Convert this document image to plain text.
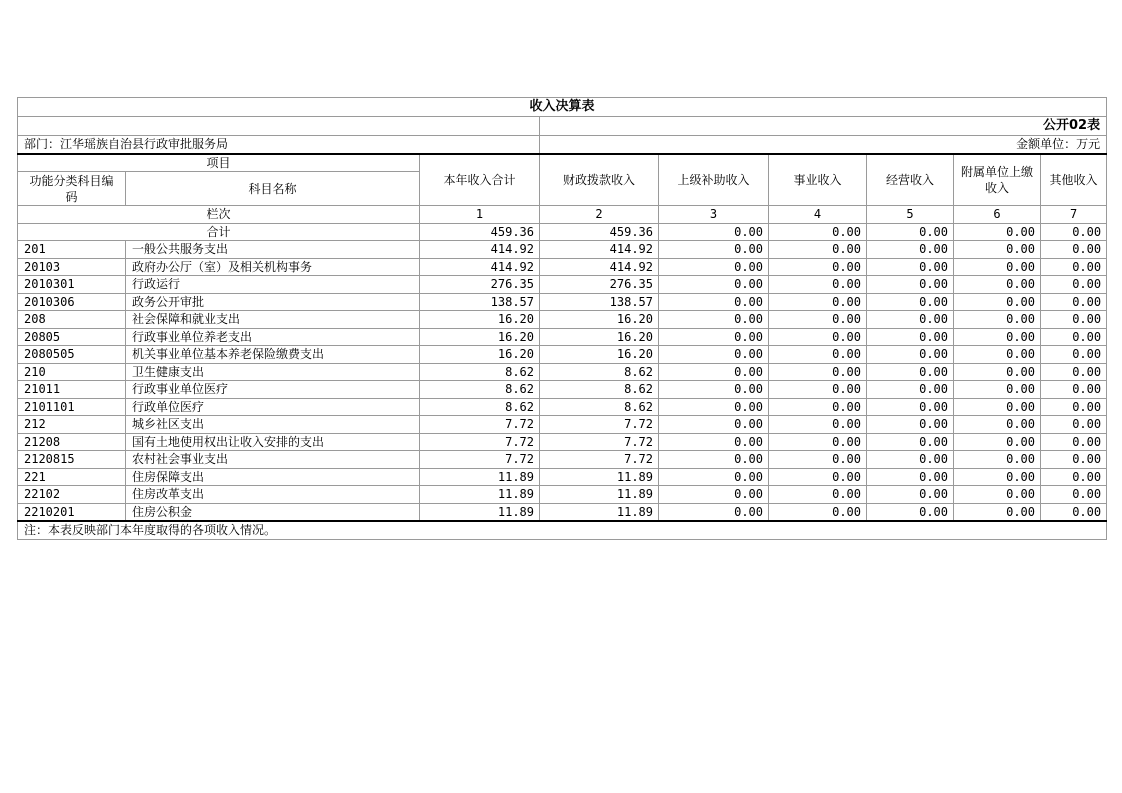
收入决算表								
			公开02表					
部门：江华瑶族自治县行政审批服务局			金额单位：万元					
项目		本年收入合计	财政拨款收入	上级补助收入	事业收入	经营收入	附属单位上缴收入	其他收入
功能分类科目编码	科目名称							
栏次		1	2	3	4	5	6	7
合计		459.36	459.36	0.00	0.00	0.00	0.00	0.00
201	一般公共服务支出	414.92	414.92	0.00	0.00	0.00	0.00	0.00
20103	政府办公厅（室）及相关机构事务	414.92	414.92	0.00	0.00	0.00	0.00	0.00
2010301	行政运行	276.35	276.35	0.00	0.00	0.00	0.00	0.00
2010306	政务公开审批	138.57	138.57	0.00	0.00	0.00	0.00	0.00
208	社会保障和就业支出	16.20	16.20	0.00	0.00	0.00	0.00	0.00
20805	行政事业单位养老支出	16.20	16.20	0.00	0.00	0.00	0.00	0.00
2080505	机关事业单位基本养老保险缴费支出	16.20	16.20	0.00	0.00	0.00	0.00	0.00
210	卫生健康支出	8.62	8.62	0.00	0.00	0.00	0.00	0.00
21011	行政事业单位医疗	8.62	8.62	0.00	0.00	0.00	0.00	0.00
2101101	行政单位医疗	8.62	8.62	0.00	0.00	0.00	0.00	0.00
212	城乡社区支出	7.72	7.72	0.00	0.00	0.00	0.00	0.00
21208	国有土地使用权出让收入安排的支出	7.72	7.72	0.00	0.00	0.00	0.00	0.00
2120815	农村社会事业支出	7.72	7.72	0.00	0.00	0.00	0.00	0.00
221	住房保障支出	11.89	11.89	0.00	0.00	0.00	0.00	0.00
22102	住房改革支出	11.89	11.89	0.00	0.00	0.00	0.00	0.00
2210201	住房公积金	11.89	11.89	0.00	0.00	0.00	0.00	0.00
注：本表反映部门本年度取得的各项收入情况。								
